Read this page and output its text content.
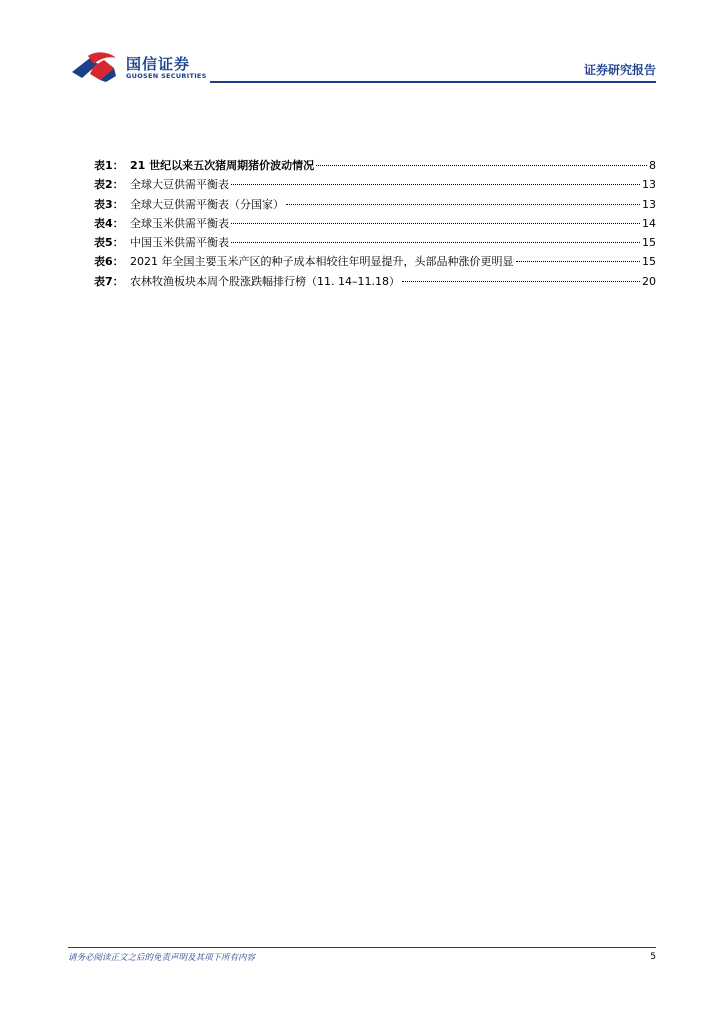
国信证券
GUOSEN SECURITIES	证券研究报告
表1： 21 世纪以来五次猪周期猪价波动情况	8
表2： 全球大豆供需平衡表	13
表3： 全球大豆供需平衡表（分国家）	13
表4： 全球玉米供需平衡表	14
表5： 中国玉米供需平衡表	15
表6： 2021 年全国主要玉米产区的种子成本相较往年明显提升，头部品种涨价更明显	15
表7： 农林牧渔板块本周个股涨跌幅排行榜（11. 14–11.18）	20
请务必阅读正文之后的免责声明及其项下所有内容	5
